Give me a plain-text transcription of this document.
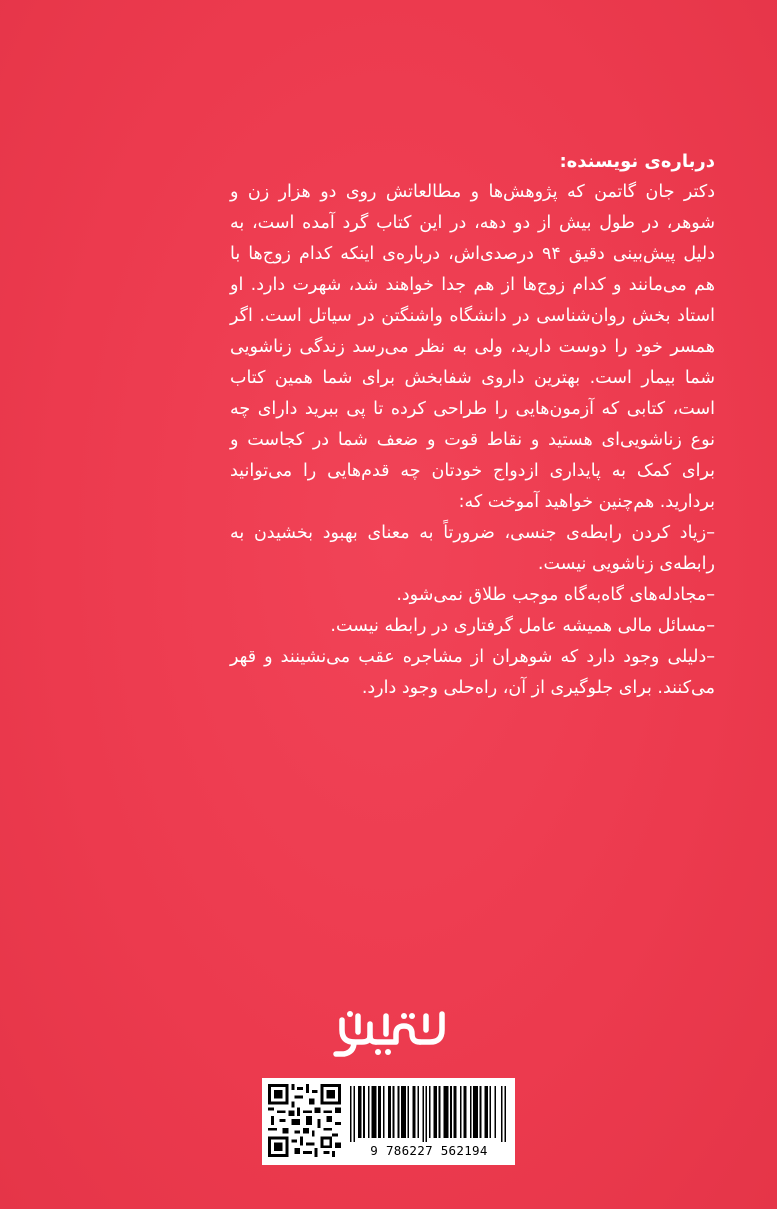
درباره‌ی نویسنده:

دکتر جان گاتمن که پژوهش‌ها و مطالعاتش روی دو هزار زن و شوهر، در طول بیش از دو دهه، در این کتاب گرد آمده است، به دلیل پیش‌بینی دقیق ۹۴ درصدی‌اش، درباره‌ی اینکه کدام زوج‌ها با هم می‌مانند و کدام زوج‌ها از هم جدا خواهند شد، شهرت دارد. او استاد بخش روان‌شناسی در دانشگاه واشنگتن در سیاتل است. اگر همسر خود را دوست دارید، ولی به نظر می‌رسد زندگی زناشویی شما بیمار است. بهترین داروی شفابخش برای شما همین کتاب است، کتابی که آزمون‌هایی را طراحی کرده تا پی ببرید دارای چه نوع زناشویی‌ای هستید و نقاط قوت و ضعف شما در کجاست و برای کمک به پایداری ازدواج خودتان چه قدم‌هایی را می‌توانید بردارید. هم‌چنین خواهید آموخت که:

–زیاد کردن رابطه‌ی جنسی، ضرورتاً به معنای بهبود بخشیدن به رابطه‌ی زناشویی نیست.
–مجادله‌های گاه‌به‌گاه موجب طلاق نمی‌شود.
–مسائل مالی همیشه عامل گرفتاری در رابطه نیست.
–دلیلی وجود دارد که شوهران از مشاجره عقب می‌نشینند و قهر می‌کنند. برای جلوگیری از آن، راه‌حلی وجود دارد.
9 786227 562194
